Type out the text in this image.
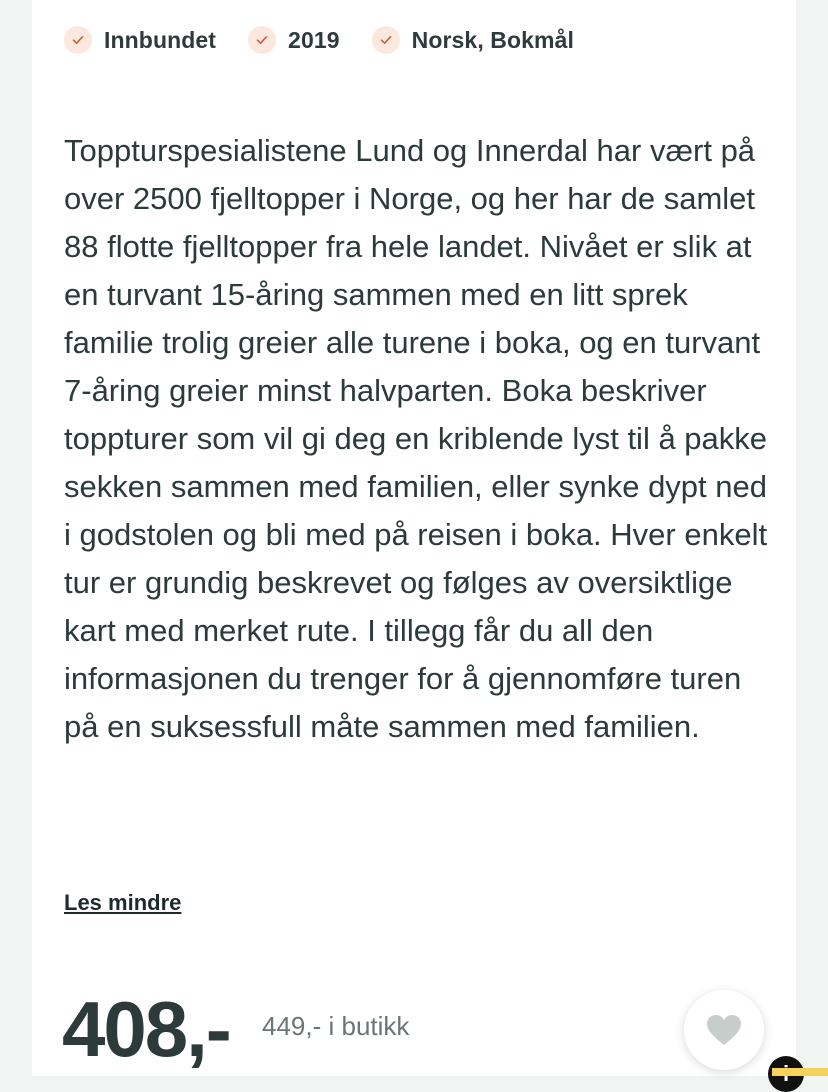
Innbundet	2019	Norsk, Bokmål

Toppturspesialistene Lund og Innerdal har vært på over 2500 fjelltopper i Norge, og her har de samlet 88 flotte fjelltopper fra hele landet. Nivået er slik at en turvant 15-åring sammen med en litt sprek familie trolig greier alle turene i boka, og en turvant 7-åring greier minst halvparten. Boka beskriver toppturer som vil gi deg en kriblende lyst til å pakke sekken sammen med familien, eller synke dypt ned i godstolen og bli med på reisen i boka. Hver enkelt tur er grundig beskrevet og følges av oversiktlige kart med merket rute. I tillegg får du all den informasjonen du trenger for å gjennomføre turen på en suksessfull måte sammen med familien.

Les mindre
408,- 449,- i butikk
